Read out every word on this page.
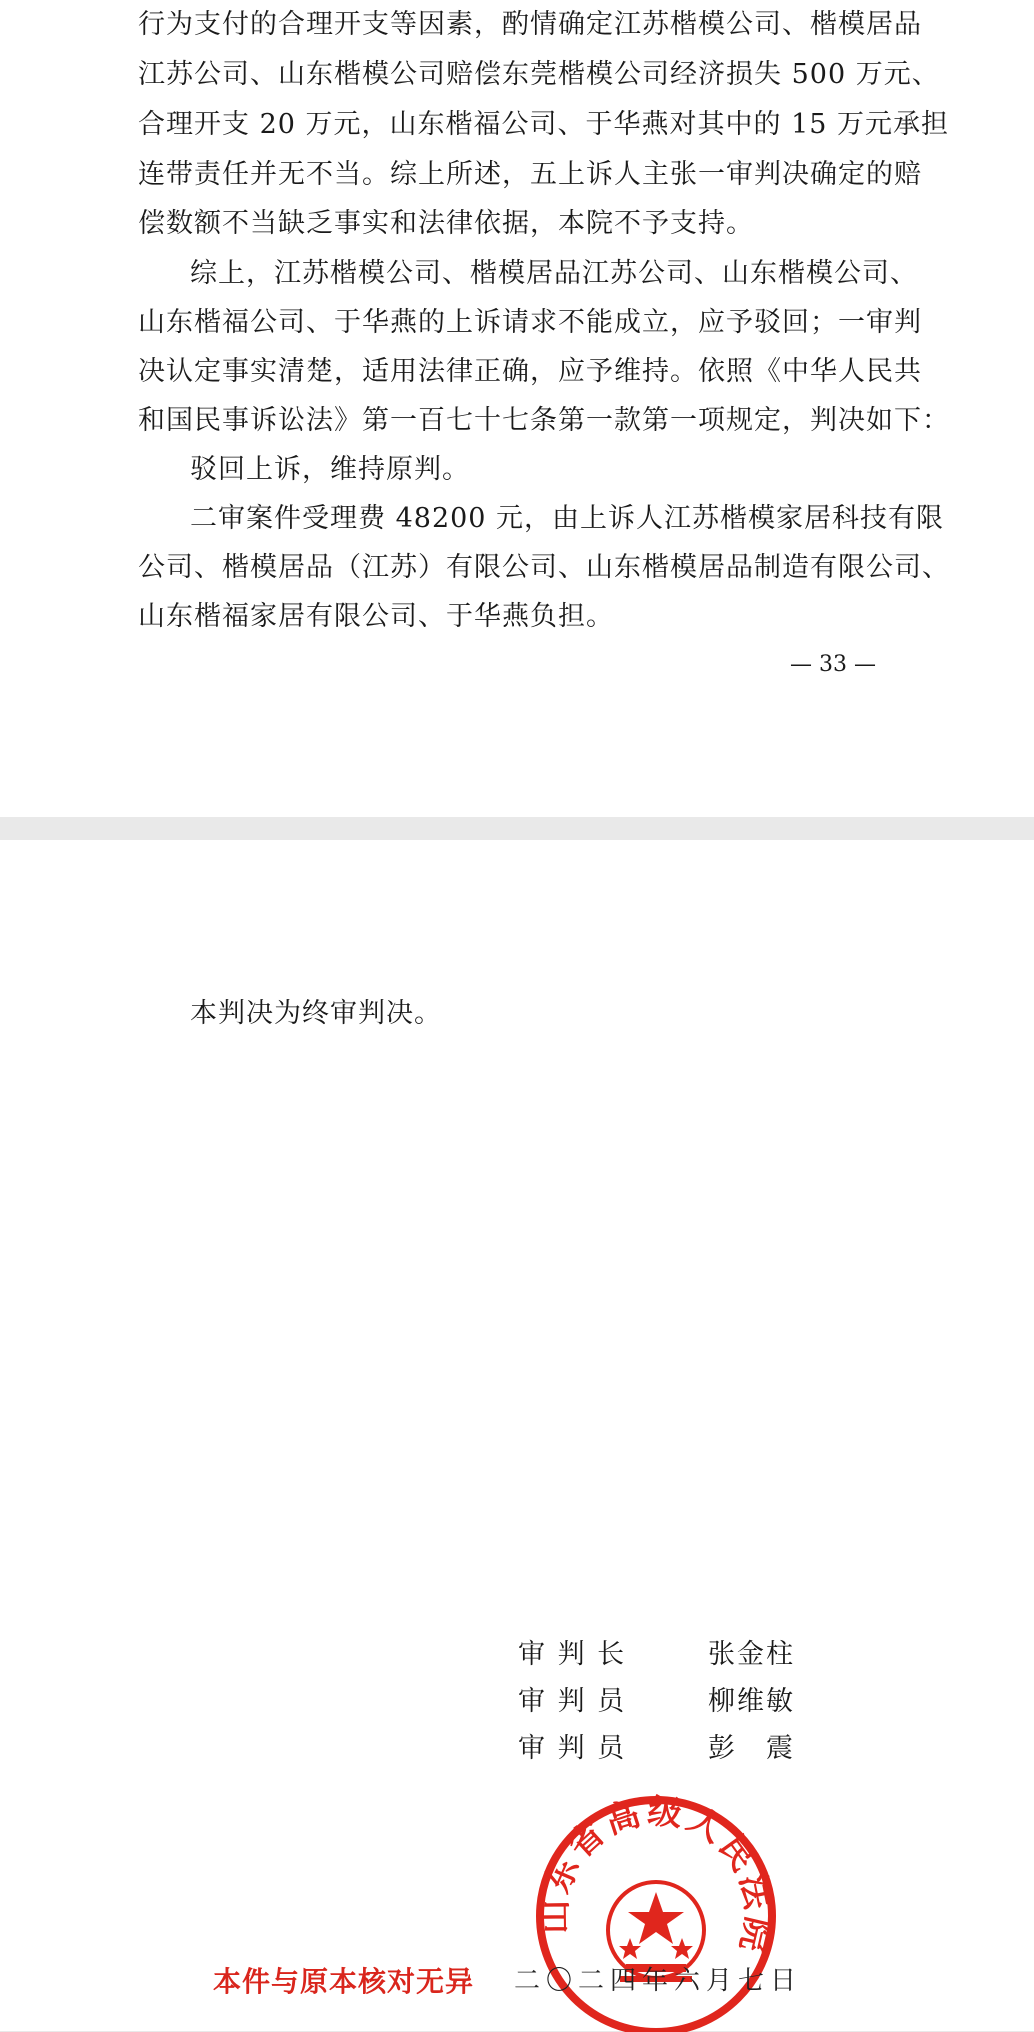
行为支付的合理开支等因素，酌情确定江苏楷模公司、楷模居品
江苏公司、山东楷模公司赔偿东莞楷模公司经济损失 500 万元、
合理开支 20 万元，山东楷福公司、于华燕对其中的 15 万元承担
连带责任并无不当。综上所述，五上诉人主张一审判决确定的赔
偿数额不当缺乏事实和法律依据，本院不予支持。
综上，江苏楷模公司、楷模居品江苏公司、山东楷模公司、
山东楷福公司、于华燕的上诉请求不能成立，应予驳回；一审判
决认定事实清楚，适用法律正确，应予维持。依照《中华人民共
和国民事诉讼法》第一百七十七条第一款第一项规定，判决如下：
驳回上诉，维持原判。
二审案件受理费 48200 元，由上诉人江苏楷模家居科技有限
公司、楷模居品（江苏）有限公司、山东楷模居品制造有限公司、
山东楷福家居有限公司、于华燕负担。
— 33 —
本判决为终审判决。
审 判 长	张金柱
审 判 员	柳维敏
审 判 员	彭　震
山东省高级人民法院
本件与原本核对无异 二〇二四年六月七日
